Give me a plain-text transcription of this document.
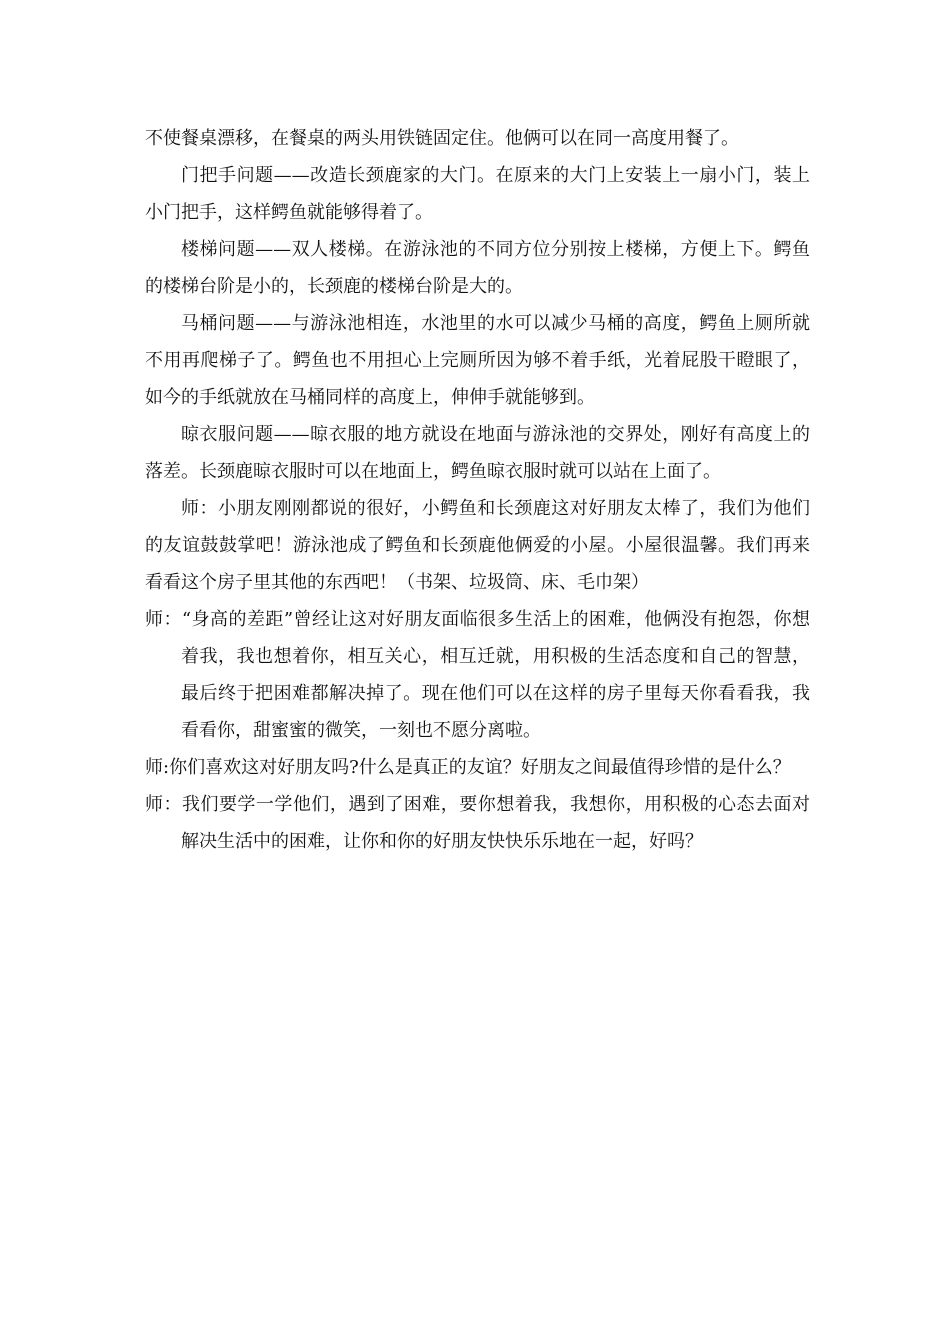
不使餐桌漂移，在餐桌的两头用铁链固定住。他俩可以在同一高度用餐了。

门把手问题——改造长颈鹿家的大门。在原来的大门上安装上一扇小门，装上小门把手，这样鳄鱼就能够得着了。

楼梯问题——双人楼梯。在游泳池的不同方位分别按上楼梯，方便上下。鳄鱼的楼梯台阶是小的，长颈鹿的楼梯台阶是大的。

马桶问题——与游泳池相连，水池里的水可以减少马桶的高度，鳄鱼上厕所就不用再爬梯子了。鳄鱼也不用担心上完厕所因为够不着手纸，光着屁股干瞪眼了，如今的手纸就放在马桶同样的高度上，伸伸手就能够到。

晾衣服问题——晾衣服的地方就设在地面与游泳池的交界处，刚好有高度上的落差。长颈鹿晾衣服时可以在地面上，鳄鱼晾衣服时就可以站在上面了。

师：小朋友刚刚都说的很好，小鳄鱼和长颈鹿这对好朋友太棒了，我们为他们的友谊鼓鼓掌吧！游泳池成了鳄鱼和长颈鹿他俩爱的小屋。小屋很温馨。我们再来看看这个房子里其他的东西吧！（书架、垃圾筒、床、毛巾架）

师：“身高的差距”曾经让这对好朋友面临很多生活上的困难，他俩没有抱怨，你想着我，我也想着你，相互关心，相互迁就，用积极的生活态度和自己的智慧，最后终于把困难都解决掉了。现在他们可以在这样的房子里每天你看看我，我看看你，甜蜜蜜的微笑，一刻也不愿分离啦。

师:你们喜欢这对好朋友吗?什么是真正的友谊？好朋友之间最值得珍惜的是什么？

师：我们要学一学他们，遇到了困难，要你想着我，我想你，用积极的心态去面对解决生活中的困难，让你和你的好朋友快快乐乐地在一起，好吗？
